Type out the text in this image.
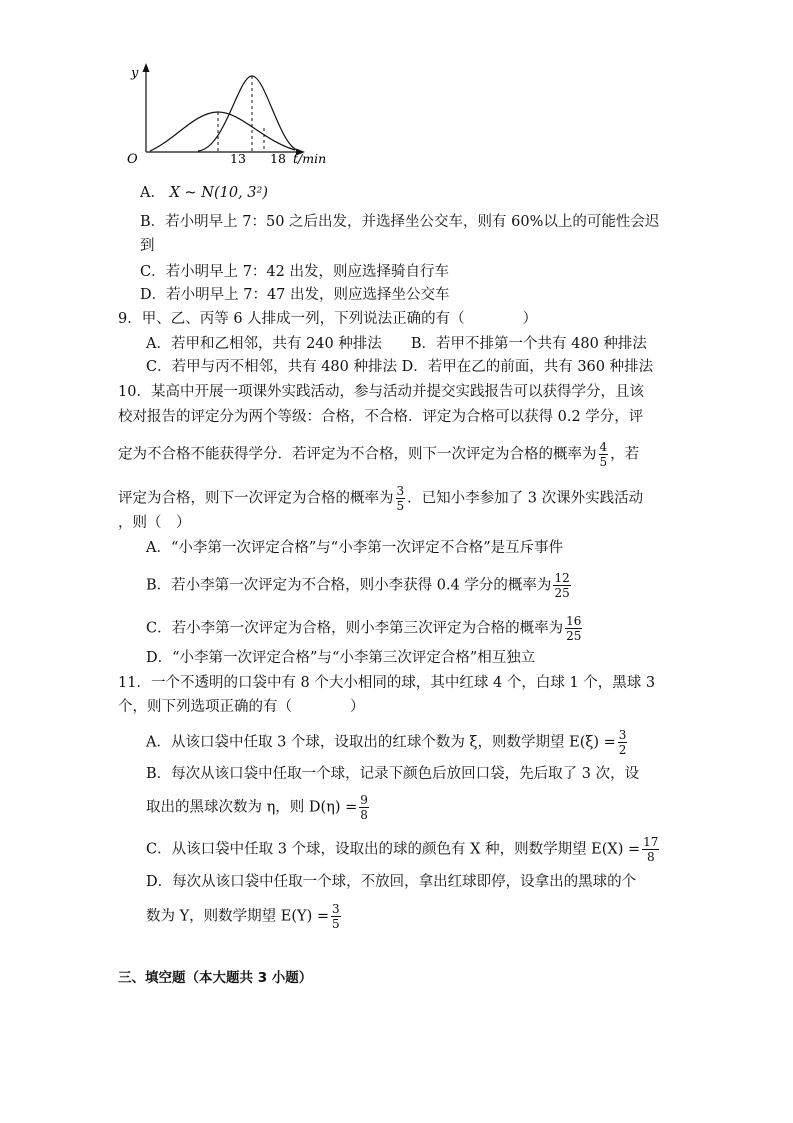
y
O	13 18 t/min
A． X ~ N(10, 3²)
B．若小明早上 7：50 之后出发，并选择坐公交车，则有 60%以上的可能性会迟
到
C．若小明早上 7：42 出发，则应选择骑自行车
D．若小明早上 7：47 出发，则应选择坐公交车
9．甲、乙、丙等 6 人排成一列，下列说法正确的有（　　　　）
A．若甲和乙相邻，共有 240 种排法　　B．若甲不排第一个共有 480 种排法
C．若甲与丙不相邻，共有 480 种排法 D．若甲在乙的前面，共有 360 种排法
10．某高中开展一项课外实践活动，参与活动并提交实践报告可以获得学分，且该
校对报告的评定分为两个等级：合格，不合格．评定为合格可以获得 0.2 学分，评
定为不合格不能获得学分．若评定为不合格，则下一次评定为合格的概率为 $\frac{4}{5}$ ，若
评定为合格，则下一次评定为合格的概率为 $\frac{3}{5}$ ．已知小李参加了 3 次课外实践活动
，则（　）
A．“小李第一次评定合格”与“小李第一次评定不合格”是互斥事件
B．若小李第一次评定为不合格，则小李获得 0.4 学分的概率为 $\frac{12}{25}$
C．若小李第一次评定为合格，则小李第三次评定为合格的概率为 $\frac{16}{25}$
D．“小李第一次评定合格”与“小李第三次评定合格”相互独立
11．一个不透明的口袋中有 8 个大小相同的球，其中红球 4 个，白球 1 个，黑球 3
个，则下列选项正确的有（　　　　）
A．从该口袋中任取 3 个球，设取出的红球个数为 ξ，则数学期望 $E(\xi) = \frac{3}{2}$
B．每次从该口袋中任取一个球，记录下颜色后放回口袋，先后取了 3 次，设
取出的黑球次数为 η，则 $D(\eta) = \frac{9}{8}$
C．从该口袋中任取 3 个球，设取出的球的颜色有 X 种，则数学期望 $E(X) = \frac{17}{8}$
D．每次从该口袋中任取一个球，不放回，拿出红球即停，设拿出的黑球的个
数为 Y，则数学期望 $E(Y) = \frac{3}{5}$
三、填空题（本大题共 3 小题）
